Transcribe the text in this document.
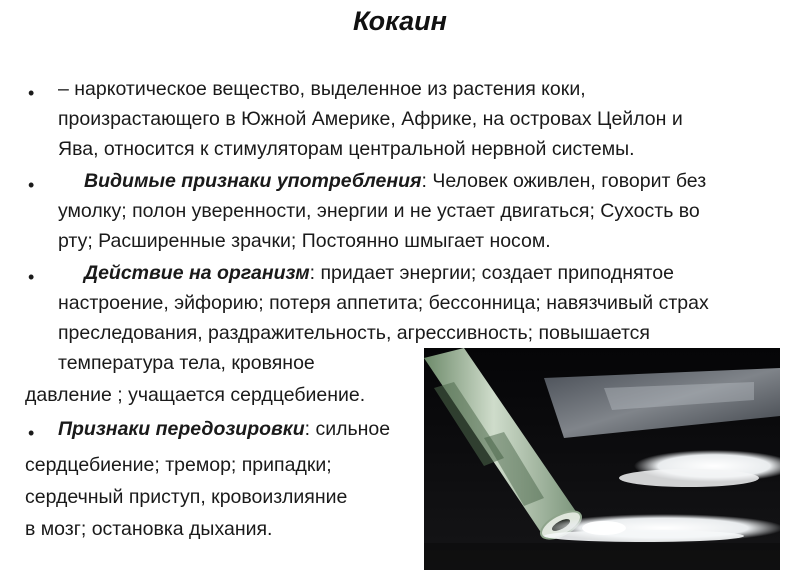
Кокаин
• – наркотическое вещество, выделенное из растения коки,
произрастающего в Южной Америке, Африке, на островах Цейлон и
Ява, относится к стимуляторам центральной нервной системы.
•	Видимые признаки употребления: Человек оживлен, говорит без
умолку; полон уверенности, энергии и не устает двигаться; Сухость во
рту; Расширенные зрачки; Постоянно шмыгает носом.
•	Действие на организм: придает энергии; создает приподнятое
настроение, эйфорию; потеря аппетита; бессонница; навязчивый страх
преследования, раздражительность, агрессивность; повышается
температура тела, кровяное
давление ; учащается сердцебиение.
• Признаки передозировки: сильное
сердцебиение; тремор; припадки;
сердечный приступ, кровоизлияние
в мозг; остановка дыхания.
